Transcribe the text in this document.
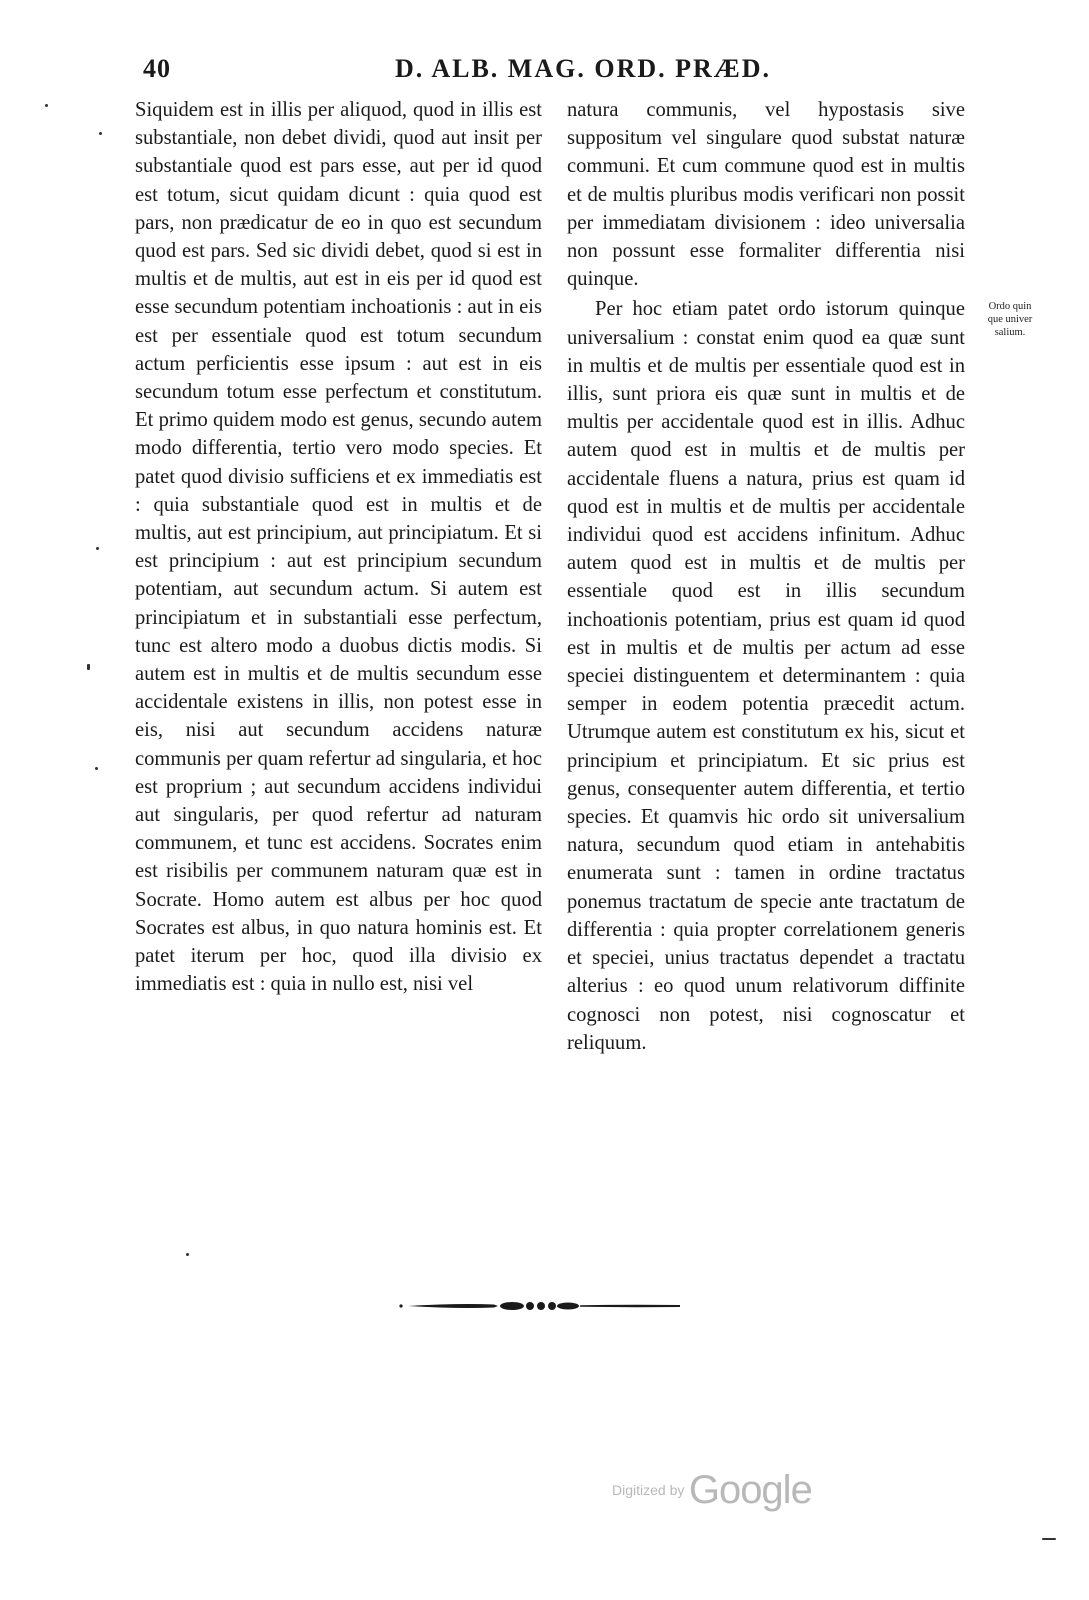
40	D. ALB. MAG. ORD. PRÆD.

Siquidem est in illis per aliquod, quod in illis est substantiale, non debet dividi, quod aut insit per substantiale quod est pars esse, aut per id quod est totum, sicut quidam dicunt : quia quod est pars, non prædicatur de eo in quo est secundum quod est pars. Sed sic dividi debet, quod si est in multis et de multis, aut est in eis per id quod est esse secundum potentiam inchoationis : aut in eis est per essentiale quod est totum secundum actum perficientis esse ipsum : aut est in eis secundum totum esse perfectum et constitutum. Et primo quidem modo est genus, secundo autem modo differentia, tertio vero modo species. Et patet quod divisio sufficiens et ex immediatis est : quia substantiale quod est in multis et de multis, aut est principium, aut principiatum. Et si est principium : aut est principium secundum potentiam, aut secundum actum. Si autem est principiatum et in substantiali esse perfectum, tunc est altero modo a duobus dictis modis. Si autem est in multis et de multis secundum esse accidentale existens in illis, non potest esse in eis, nisi aut secundum accidens naturæ communis per quam refertur ad singularia, et hoc est proprium ; aut secundum accidens individui aut singularis, per quod refertur ad naturam communem, et tunc est accidens. Socrates enim est risibilis per communem naturam quæ est in Socrate. Homo autem est albus per hoc quod Socrates est albus, in quo natura hominis est. Et patet iterum per hoc, quod illa divisio ex immediatis est : quia in nullo est, nisi vel

natura communis, vel hypostasis sive suppositum vel singulare quod substat naturæ communi. Et cum commune quod est in multis et de multis pluribus modis verificari non possit per immediatam divisionem : ideo universalia non possunt esse formaliter differentia nisi quinque.

Per hoc etiam patet ordo istorum quinque universalium : constat enim quod ea quæ sunt in multis et de multis per essentiale quod est in illis, sunt priora eis quæ sunt in multis et de multis per accidentale quod est in illis. Adhuc autem quod est in multis et de multis per accidentale fluens a natura, prius est quam id quod est in multis et de multis per accidentale individui quod est accidens infinitum. Adhuc autem quod est in multis et de multis per essentiale quod est in illis secundum inchoationis potentiam, prius est quam id quod est in multis et de multis per actum ad esse speciei distinguentem et determinantem : quia semper in eodem potentia præcedit actum. Utrumque autem est constitutum ex his, sicut et principium et principiatum. Et sic prius est genus, consequenter autem differentia, et tertio species. Et quamvis hic ordo sit universalium natura, secundum quod etiam in antehabitis enumerata sunt : tamen in ordine tractatus ponemus tractatum de specie ante tractatum de differentia : quia propter correlationem generis et speciei, unius tractatus dependet a tractatu alterius : eo quod unum relativorum diffinite cognosci non potest, nisi cognoscatur et reliquum.

Ordo quin
que univer
salium.
Digitized by Google
